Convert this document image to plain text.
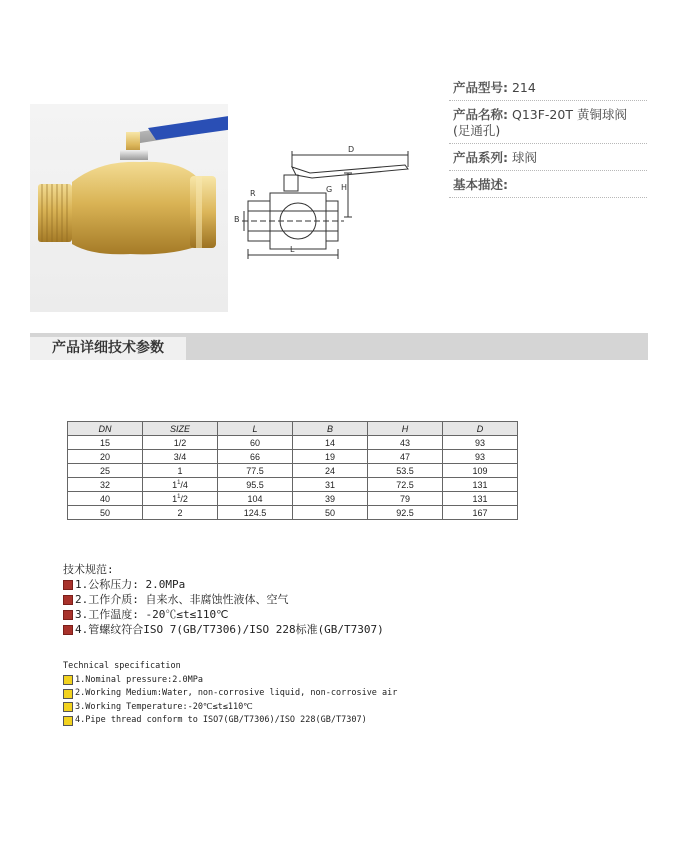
D
H
G
R
B
L
产品型号: 214
产品名称: Q13F-20T 黄铜球阀 (足通孔)
产品系列: 球阀
基本描述:
产品详细技术参数
DN	SIZE	L	B	H	D
15	1/2	60	14	43	93
20	3/4	66	19	47	93
25	1	77.5	24	53.5	109
32	$1^1/4$	95.5	31	72.5	131
40	$1^1/2$	104	39	79	131
50	2	124.5	50	92.5	167
技术规范:
1.公称压力: 2.0MPa
2.工作介质: 自来水、非腐蚀性液体、空气
3.工作温度: -20℃≤t≤110℃
4.管螺纹符合ISO 7(GB/T7306)/ISO 228标准(GB/T7307)
Technical specification
1.Nominal pressure:2.0MPa
2.Working Medium:Water, non-corrosive liquid, non-corrosive air
3.Working Temperature:-20℃≤t≤110℃
4.Pipe thread conform to ISO7(GB/T7306)/ISO 228(GB/T7307)
